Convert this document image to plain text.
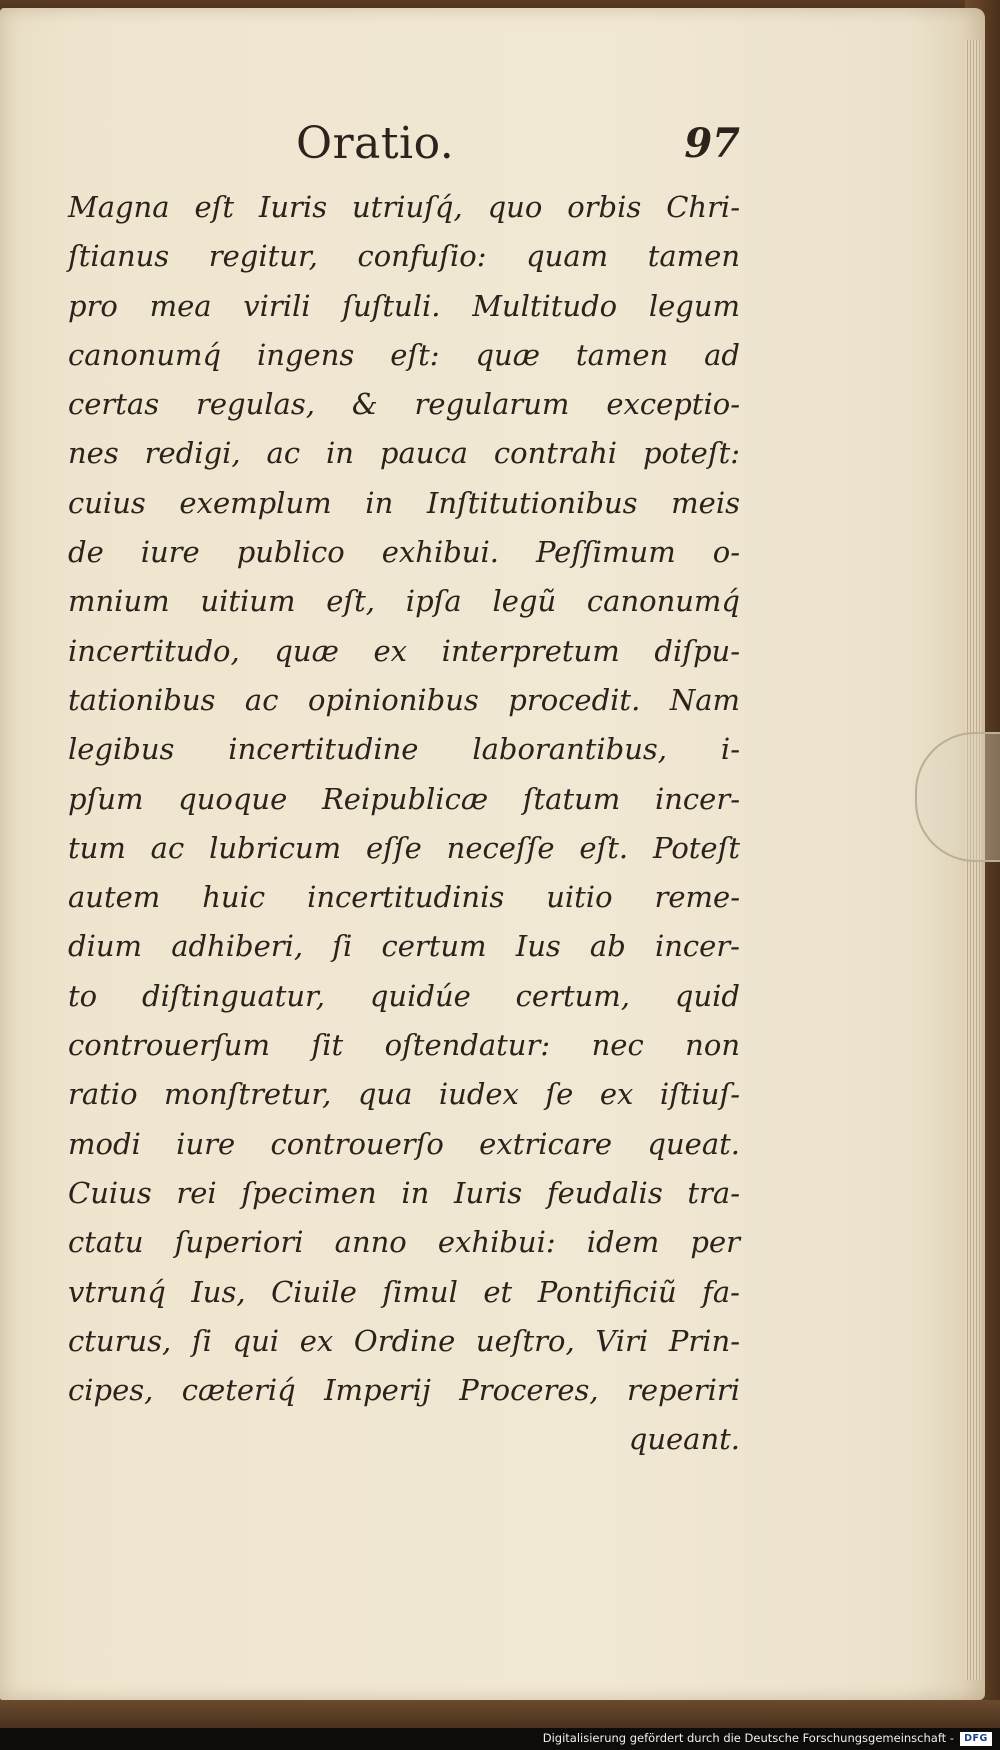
Oratio.	97
Magna eſt Iuris utriuſq́, quo orbis Chri-
ſtianus regitur, confuſio: quam tamen
pro mea virili ſuſtuli. Multitudo legum
canonumq́ ingens eſt: quæ tamen ad
certas regulas, & regularum exceptio-
nes redigi, ac in pauca contrahi poteſt:
cuius exemplum in Inſtitutionibus meis
de iure publico exhibui. Peſſimum o-
mnium uitium eſt, ipſa legũ canonumq́
incertitudo, quæ ex interpretum diſpu-
tationibus ac opinionibus procedit. Nam
legibus incertitudine laborantibus, i-
pſum quoque Reipublicæ ſtatum incer-
tum ac lubricum eſſe neceſſe eſt. Poteſt
autem huic incertitudinis uitio reme-
dium adhiberi, ſi certum Ius ab incer-
to diſtinguatur, quidúe certum, quid
controuerſum ſit oſtendatur: nec non
ratio monſtretur, qua iudex ſe ex iſtiuſ-
modi iure controuerſo extricare queat.
Cuius rei ſpecimen in Iuris feudalis tra-
ctatu ſuperiori anno exhibui: idem per
vtrunq́ Ius, Ciuile ſimul et Pontificiũ fa-
cturus, ſi qui ex Ordine ueſtro, Viri Prin-
cipes, cæteriq́ Imperij Proceres, reperiri
queant.
Digitalisierung gefördert durch die Deutsche Forschungsgemeinschaft -	DFG
